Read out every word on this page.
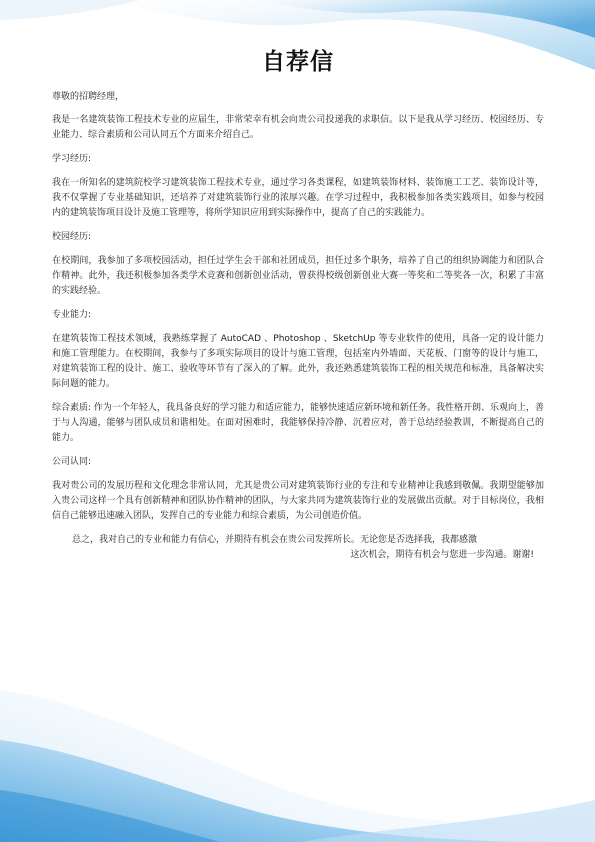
自荐信
尊敬的招聘经理，
我是一名建筑装饰工程技术专业的应届生，非常荣幸有机会向贵公司投递我的求职信。以下是我从学习经历、校园经历、专业能力、综合素质和公司认同五个方面来介绍自己。
学习经历:
我在一所知名的建筑院校学习建筑装饰工程技术专业，通过学习各类课程，如建筑装饰材料、装饰施工工艺、装饰设计等，我不仅掌握了专业基础知识，还培养了对建筑装饰行业的浓厚兴趣。在学习过程中，我积极参加各类实践项目，如参与校园内的建筑装饰项目设计及施工管理等，将所学知识应用到实际操作中，提高了自己的实践能力。
校园经历:
在校期间，我参加了多项校园活动，担任过学生会干部和社团成员，担任过多个职务，培养了自己的组织协调能力和团队合作精神。此外，我还积极参加各类学术竞赛和创新创业活动，曾获得校级创新创业大赛一等奖和二等奖各一次，积累了丰富的实践经验。
专业能力:
在建筑装饰工程技术领域，我熟练掌握了 AutoCAD 、Photoshop 、SketchUp 等专业软件的使用，具备一定的设计能力和施工管理能力。在校期间，我参与了多项实际项目的设计与施工管理，包括室内外墙面、天花板、门窗等的设计与施工，对建筑装饰工程的设计、施工、验收等环节有了深入的了解。此外，我还熟悉建筑装饰工程的相关规范和标准，具备解决实际问题的能力。
综合素质: 作为一个年轻人，我具备良好的学习能力和适应能力，能够快速适应新环境和新任务。我性格开朗、乐观向上，善于与人沟通，能够与团队成员和谐相处。在面对困难时，我能够保持冷静、沉着应对，善于总结经验教训，不断提高自己的能力。
公司认同:
我对贵公司的发展历程和文化理念非常认同，尤其是贵公司对建筑装饰行业的专注和专业精神让我感到敬佩。我期望能够加入贵公司这样一个具有创新精神和团队协作精神的团队，与大家共同为建筑装饰行业的发展做出贡献。对于目标岗位，我相信自己能够迅速融入团队，发挥自己的专业能力和综合素质，为公司创造价值。
总之，我对自己的专业和能力有信心，并期待有机会在贵公司发挥所长。无论您是否选择我，我都感激
这次机会，期待有机会与您进一步沟通。谢谢!
